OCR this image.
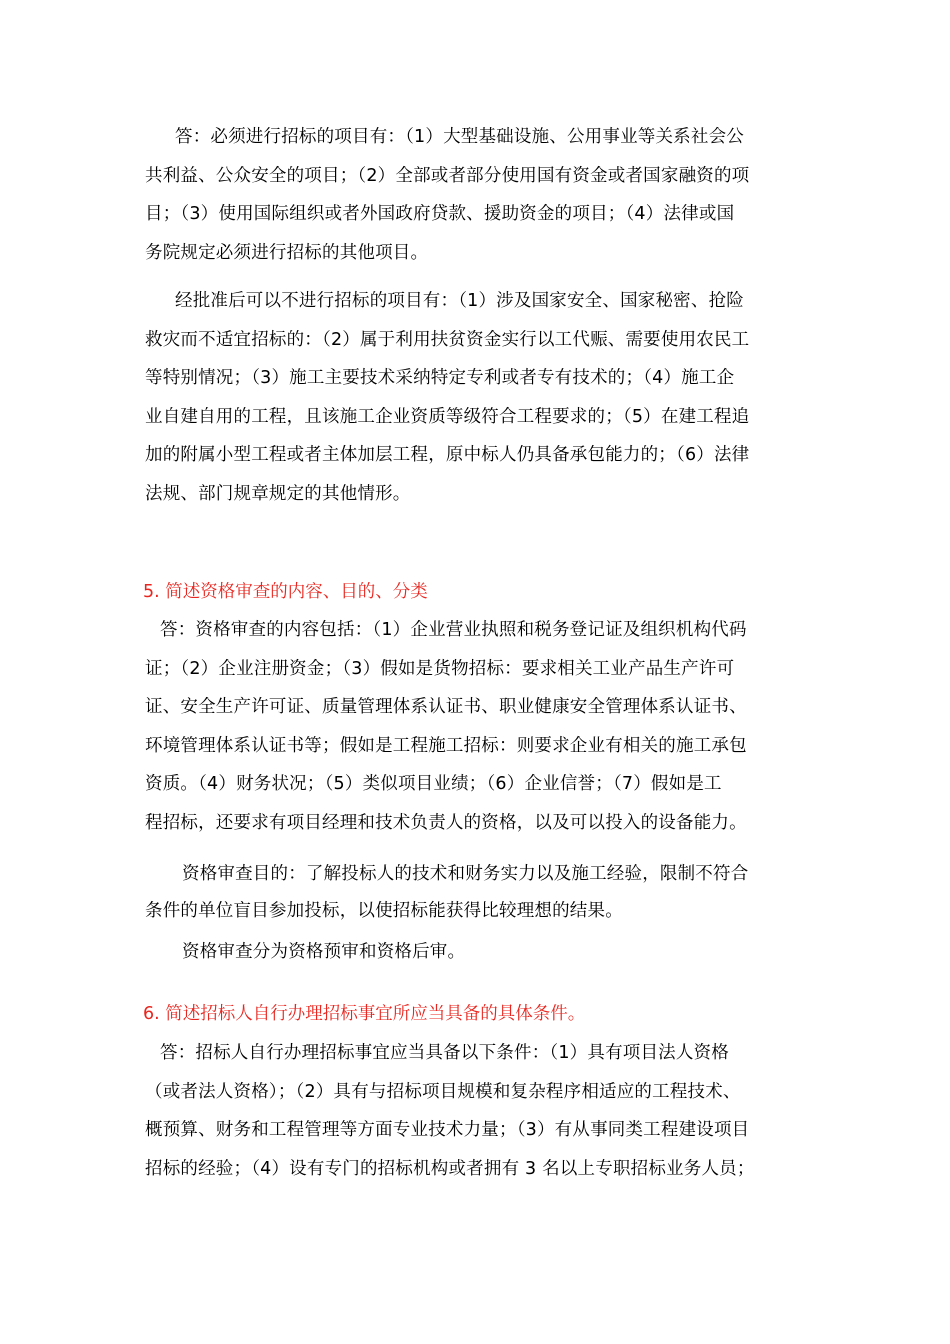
答：必须进行招标的项目有：（1）大型基础设施、公用事业等关系社会公
共利益、公众安全的项目；（2）全部或者部分使用国有资金或者国家融资的项
目；（3）使用国际组织或者外国政府贷款、援助资金的项目；（4）法律或国
务院规定必须进行招标的其他项目。
经批准后可以不进行招标的项目有：（1）涉及国家安全、国家秘密、抢险
救灾而不适宜招标的：（2）属于利用扶贫资金实行以工代赈、需要使用农民工
等特别情况；（3）施工主要技术采纳特定专利或者专有技术的；（4）施工企
业自建自用的工程，且该施工企业资质等级符合工程要求的；（5）在建工程追
加的附属小型工程或者主体加层工程，原中标人仍具备承包能力的；（6）法律
法规、部门规章规定的其他情形。
5. 简述资格审查的内容、目的、分类
答：资格审查的内容包括：（1）企业营业执照和税务登记证及组织机构代码
证；（2）企业注册资金；（3）假如是货物招标：要求相关工业产品生产许可
证、安全生产许可证、质量管理体系认证书、职业健康安全管理体系认证书、
环境管理体系认证书等；假如是工程施工招标：则要求企业有相关的施工承包
资质。（4）财务状况；（5）类似项目业绩；（6）企业信誉；（7）假如是工
程招标，还要求有项目经理和技术负责人的资格，以及可以投入的设备能力。
资格审查目的：了解投标人的技术和财务实力以及施工经验，限制不符合
条件的单位盲目参加投标，以使招标能获得比较理想的结果。
资格审查分为资格预审和资格后审。
6. 简述招标人自行办理招标事宜所应当具备的具体条件。
答：招标人自行办理招标事宜应当具备以下条件：（1）具有项目法人资格
（或者法人资格）；（2）具有与招标项目规模和复杂程序相适应的工程技术、
概预算、财务和工程管理等方面专业技术力量；（3）有从事同类工程建设项目
招标的经验；（4）设有专门的招标机构或者拥有 3 名以上专职招标业务人员；
